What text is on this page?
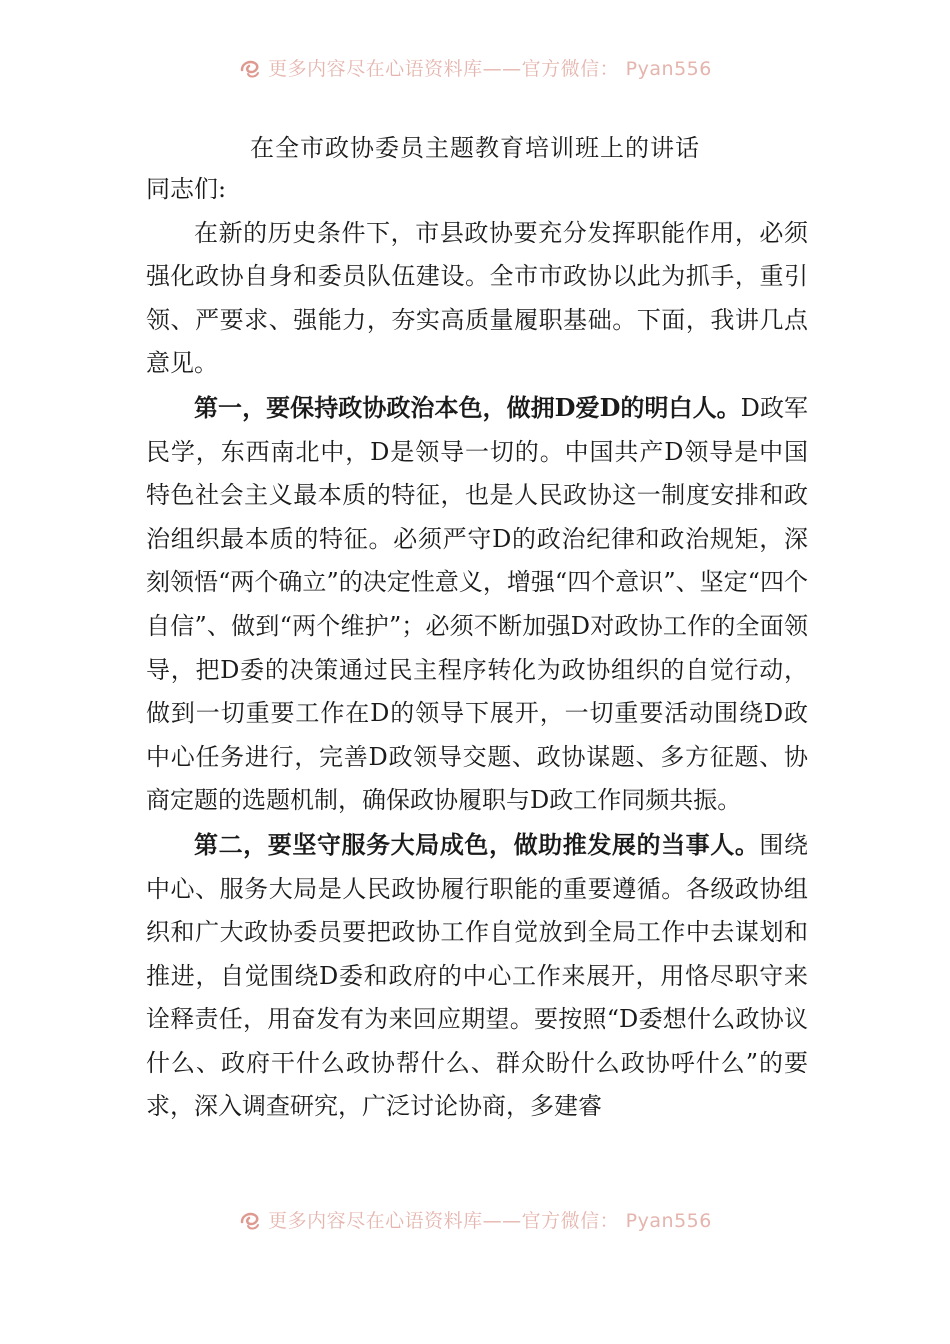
更多内容尽在心语资料库——官方微信： Pyan556
在全市政协委员主题教育培训班上的讲话

同志们:

在新的历史条件下，市县政协要充分发挥职能作用，必须强化政协自身和委员队伍建设。全市市政协以此为抓手，重引领、严要求、强能力，夯实高质量履职基础。下面，我讲几点意见。

第一，要保持政协政治本色，做拥D爱D的明白人。D政军民学，东西南北中，D是领导一切的。中国共产D领导是中国特色社会主义最本质的特征，也是人民政协这一制度安排和政治组织最本质的特征。必须严守D的政治纪律和政治规矩，深刻领悟“两个确立”的决定性意义，增强“四个意识”、坚定“四个自信”、做到“两个维护”；必须不断加强D对政协工作的全面领导，把D委的决策通过民主程序转化为政协组织的自觉行动，做到一切重要工作在D的领导下展开，一切重要活动围绕D政中心任务进行，完善D政领导交题、政协谋题、多方征题、协商定题的选题机制，确保政协履职与D政工作同频共振。

第二，要坚守服务大局成色，做助推发展的当事人。围绕中心、服务大局是人民政协履行职能的重要遵循。各级政协组织和广大政协委员要把政协工作自觉放到全局工作中去谋划和推进，自觉围绕D委和政府的中心工作来展开，用恪尽职守来诠释责任，用奋发有为来回应期望。要按照“D委想什么政协议什么、政府干什么政协帮什么、群众盼什么政协呼什么”的要求，深入调查研究，广泛讨论协商，多建睿

更多内容尽在心语资料库——官方微信： Pyan556
